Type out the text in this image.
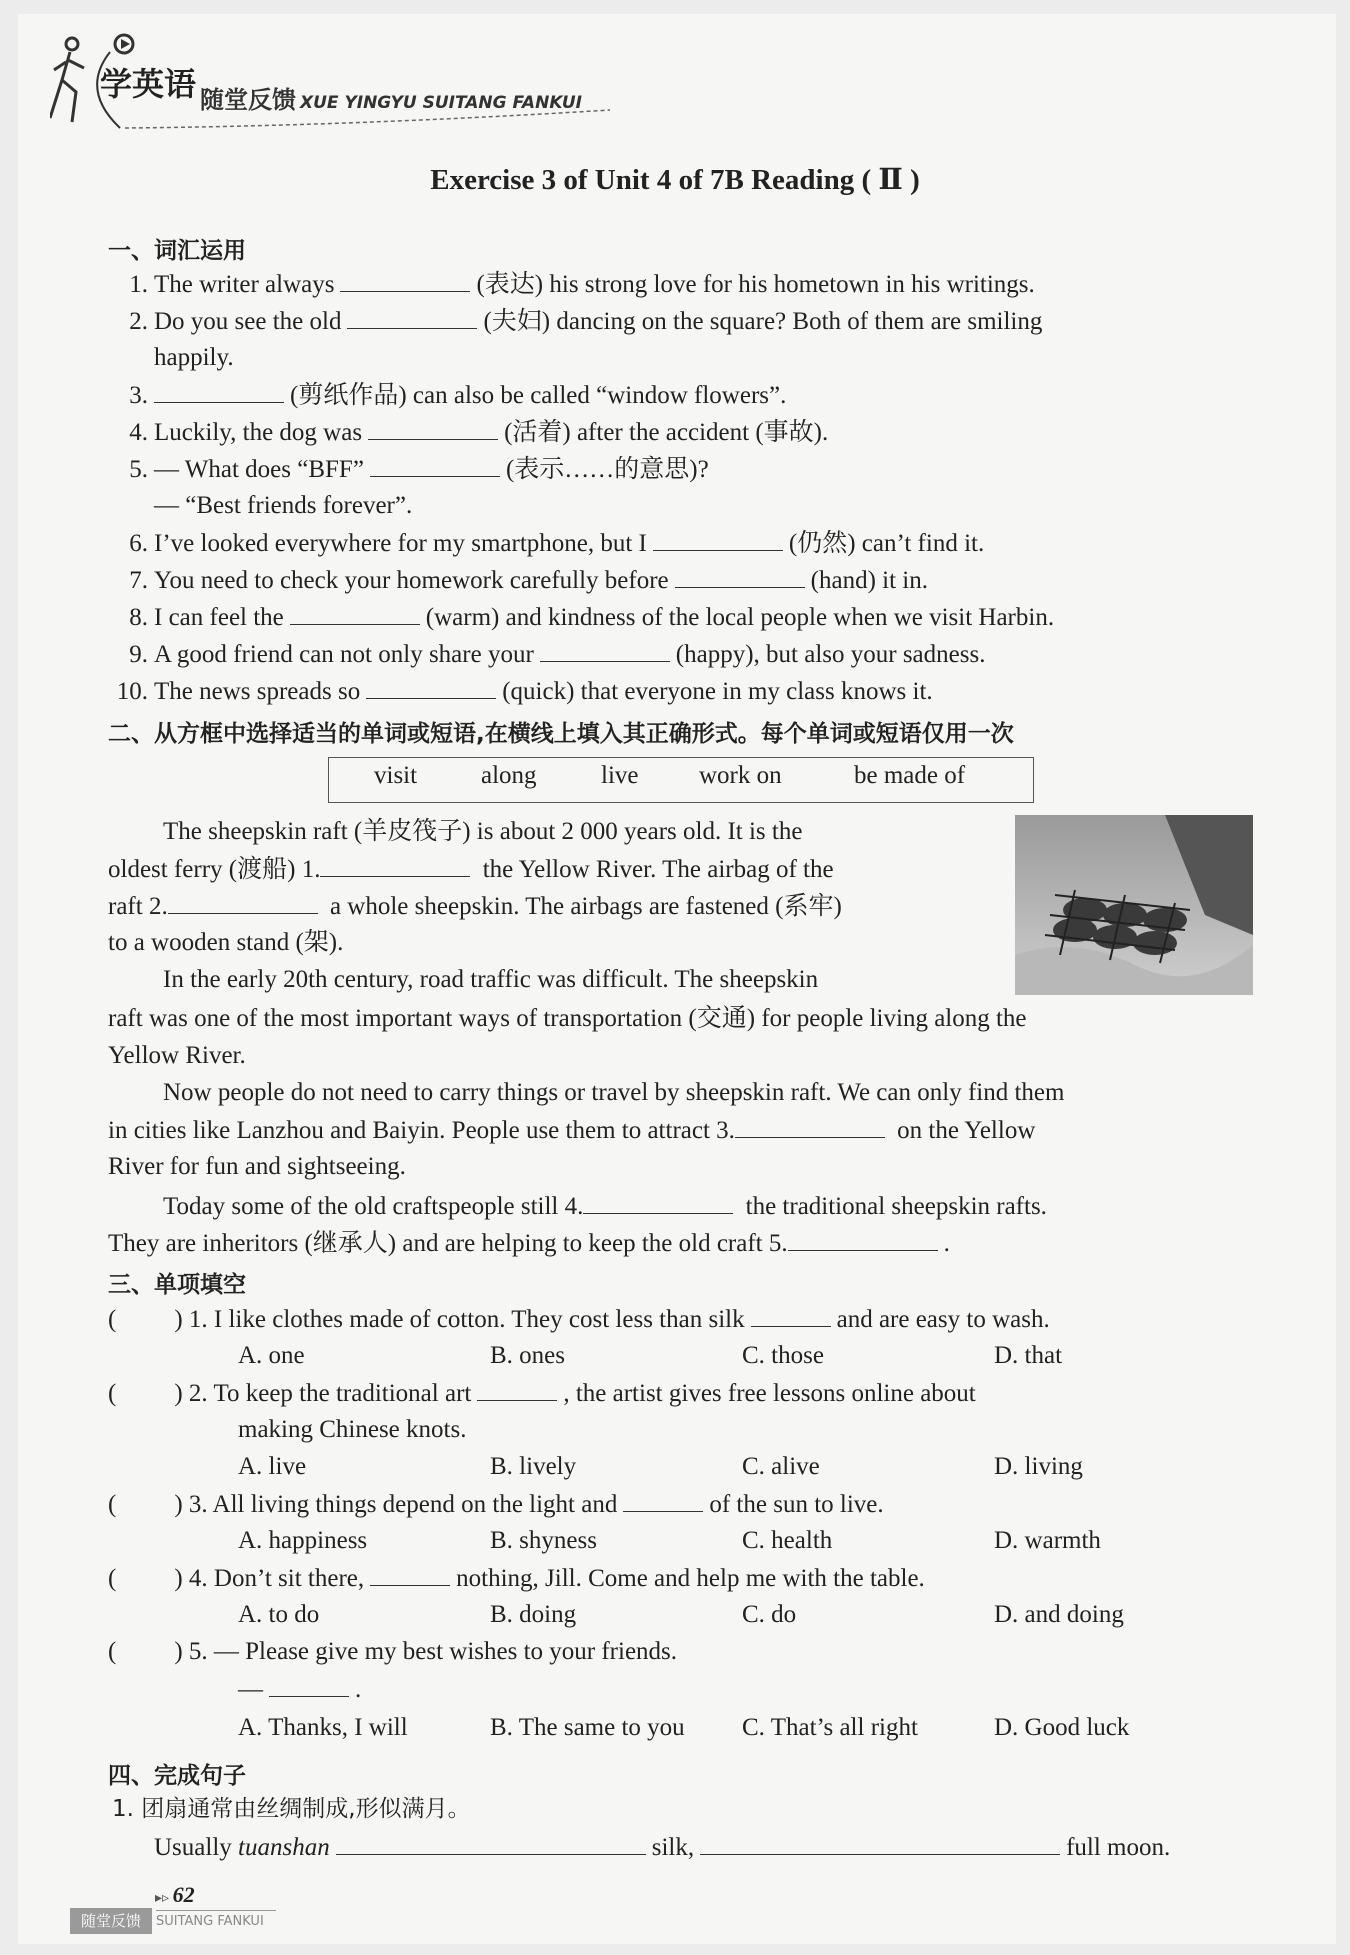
学英语 随堂反馈 XUE YINGYU SUITANG FANKUI
Exercise 3 of Unit 4 of 7B Reading ( Ⅱ )
一、词汇运用
1. The writer always	(表达) his strong love for his hometown in his writings.
2. Do you see the old	(夫妇) dancing on the square? Both of them are smiling
happily.
3.	(剪纸作品) can also be called “window flowers”.
4. Luckily, the dog was	(活着) after the accident (事故).
5. — What does “BFF”	(表示……的意思)?
— “Best friends forever”.
6. I’ve looked everywhere for my smartphone, but I	(仍然) can’t find it.
7. You need to check your homework carefully before	(hand) it in.
8. I can feel the	(warm) and kindness of the local people when we visit Harbin.
9. A good friend can not only share your	(happy), but also your sadness.
10. The news spreads so	(quick) that everyone in my class knows it.
二、从方框中选择适当的单词或短语,在横线上填入其正确形式。每个单词或短语仅用一次
visit	along	live work on	be made of
The sheepskin raft (羊皮筏子) is about 2 000 years old. It is the
oldest ferry (渡船) 1.	the Yellow River. The airbag of the
raft 2.	a whole sheepskin. The airbags are fastened (系牢)
to a wooden stand (架).
In the early 20th century, road traffic was difficult. The sheepskin
raft was one of the most important ways of transportation (交通) for people living along the
Yellow River.
Now people do not need to carry things or travel by sheepskin raft. We can only find them
in cities like Lanzhou and Baiyin. People use them to attract 3.	on the Yellow
River for fun and sightseeing.
Today some of the old craftspeople still 4.	the traditional sheepskin rafts.
They are inheritors (继承人) and are helping to keep the old craft 5.	.
三、单项填空
( ) 1. I like clothes made of cotton. They cost less than silk	and are easy to wash.
A. one	B. ones	C. those	D. that
( ) 2. To keep the traditional art	, the artist gives free lessons online about
making Chinese knots.
A. live	B. lively	C. alive	D. living
( ) 3. All living things depend on the light and	of the sun to live.
A. happiness	B. shyness	C. health	D. warmth
( ) 4. Don’t sit there,	nothing, Jill. Come and help me with the table.
A. to do	B. doing	C. do	D. and doing
( ) 5. — Please give my best wishes to your friends.
—	.
A. Thanks, I will	B. The same to you C. That’s all right	D. Good luck
四、完成句子
1. 团扇通常由丝绸制成,形似满月。
Usually tuanshan	silk,	full moon.
▸▹ 62
随堂反馈	SUITANG FANKUI
